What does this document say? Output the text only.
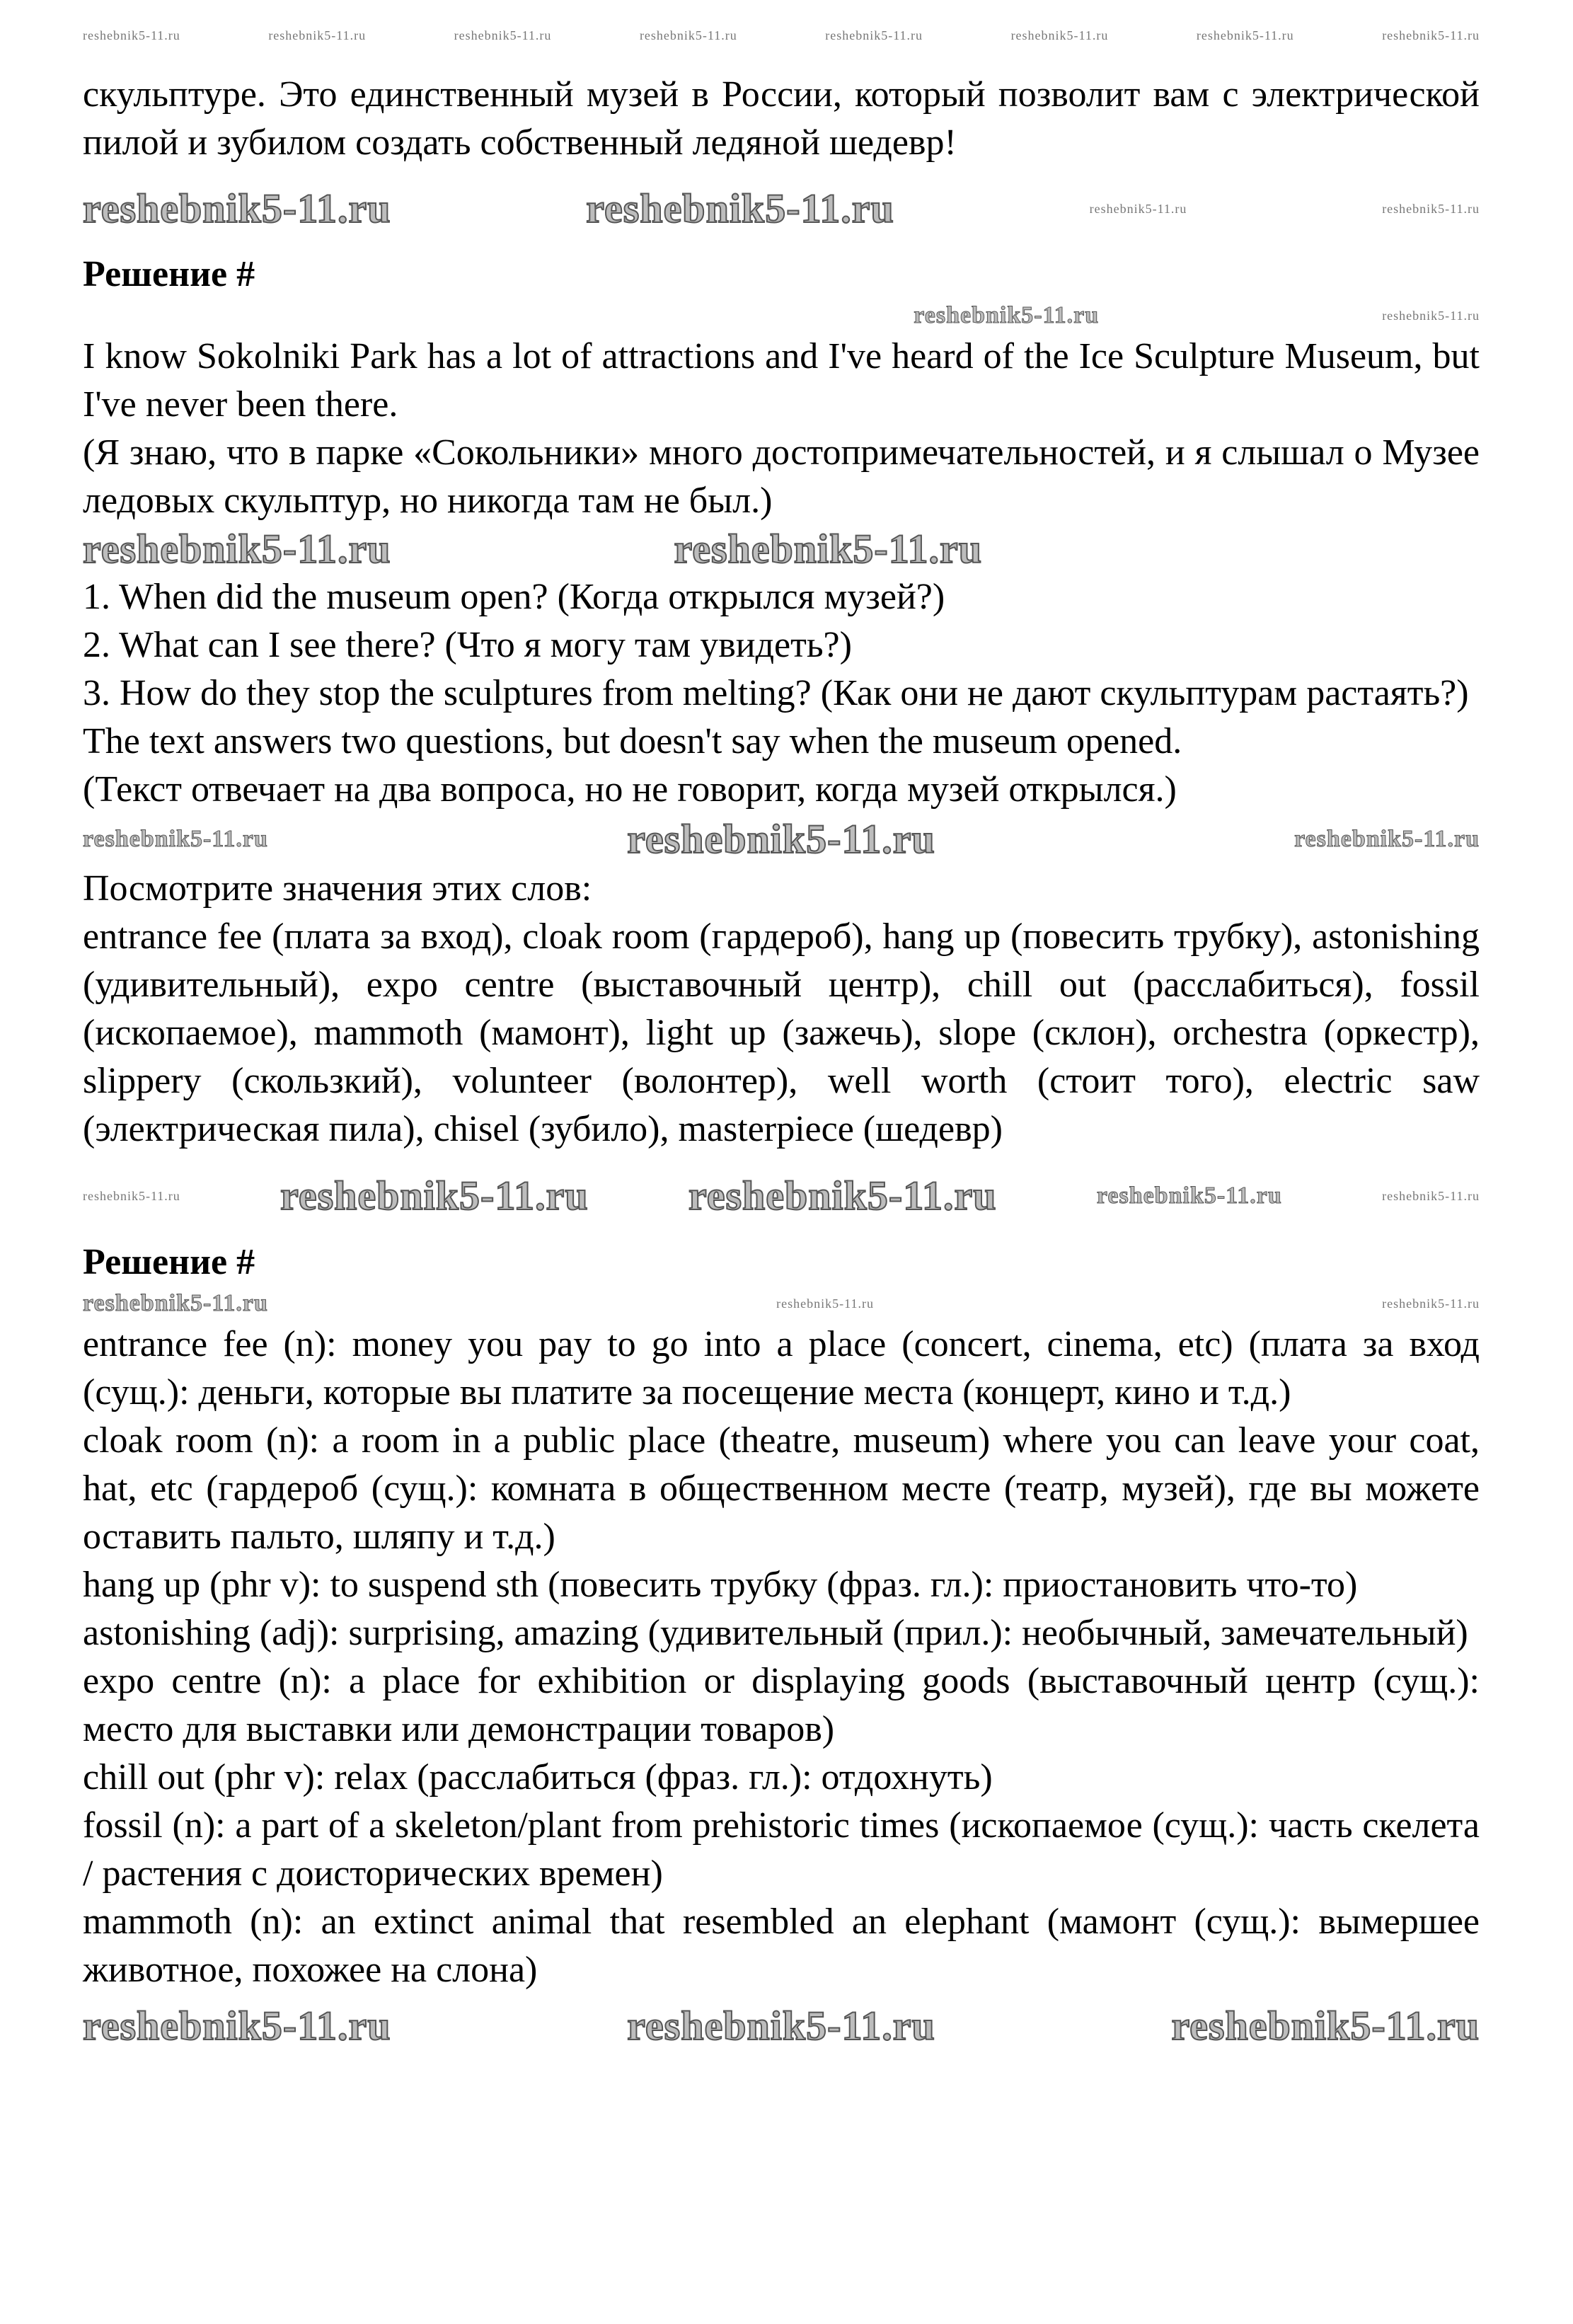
reshebnik5-11.ru	reshebnik5-11.ru	reshebnik5-11.ru	reshebnik5-11.ru	reshebnik5-11.ru	reshebnik5-11.ru	reshebnik5-11.ru	reshebnik5-11.ru

скульптуре. Это единственный музей в России, который позволит вам с электрической пилой и зубилом создать собственный ледяной шедевр!

reshebnik5-11.ru	reshebnik5-11.ru	reshebnik5-11.ru	reshebnik5-11.ru
Решение #
reshebnik5-11.ru	reshebnik5-11.ru

I know Sokolniki Park has a lot of attractions and I've heard of the Ice Sculpture Museum, but I've never been there.

(Я знаю, что в парке «Сокольники» много достопримечательностей, и я слышал о Музее ледовых скульптур, но никогда там не был.)

reshebnik5-11.ru	reshebnik5-11.ru

1. When did the museum open? (Когда открылся музей?)

2. What can I see there? (Что я могу там увидеть?)

3. How do they stop the sculptures from melting? (Как они не дают скульптурам растаять?)

The text answers two questions, but doesn't say when the museum opened.

(Текст отвечает на два вопроса, но не говорит, когда музей открылся.)

reshebnik5-11.ru	reshebnik5-11.ru	reshebnik5-11.ru

Посмотрите значения этих слов:

entrance fee (плата за вход), cloak room (гардероб), hang up (повесить трубку), astonishing (удивительный), expo centre (выставочный центр), chill out (расслабиться), fossil (ископаемое), mammoth (мамонт), light up (зажечь), slope (склон), orchestra (оркестр), slippery (скользкий), volunteer (волонтер), well worth (стоит того), electric saw (электрическая пила), chisel (зубило), masterpiece (шедевр)

reshebnik5-11.ru reshebnik5-11.ru reshebnik5-11.ru	reshebnik5-11.ru	reshebnik5-11.ru
Решение #
reshebnik5-11.ru	reshebnik5-11.ru	reshebnik5-11.ru

entrance fee (n): money you pay to go into a place (concert, cinema, etc) (плата за вход (сущ.): деньги, которые вы платите за посещение места (концерт, кино и т.д.)

cloak room (n): a room in a public place (theatre, museum) where you can leave your coat, hat, etc (гардероб (сущ.): комната в общественном месте (театр, музей), где вы можете оставить пальто, шляпу и т.д.)

hang up (phr v): to suspend sth (повесить трубку (фраз. гл.): приостановить что-то)

astonishing (adj): surprising, amazing (удивительный (прил.): необычный, замечательный)

expo centre (n): a place for exhibition or displaying goods (выставочный центр (сущ.): место для выставки или демонстрации товаров)

chill out (phr v): relax (расслабиться (фраз. гл.): отдохнуть)

fossil (n): a part of a skeleton/plant from prehistoric times (ископаемое (сущ.): часть скелета / растения с доисторических времен)

mammoth (n): an extinct animal that resembled an elephant (мамонт (сущ.): вымершее животное, похожее на слона)

reshebnik5-11.ru	reshebnik5-11.ru	reshebnik5-11.ru
